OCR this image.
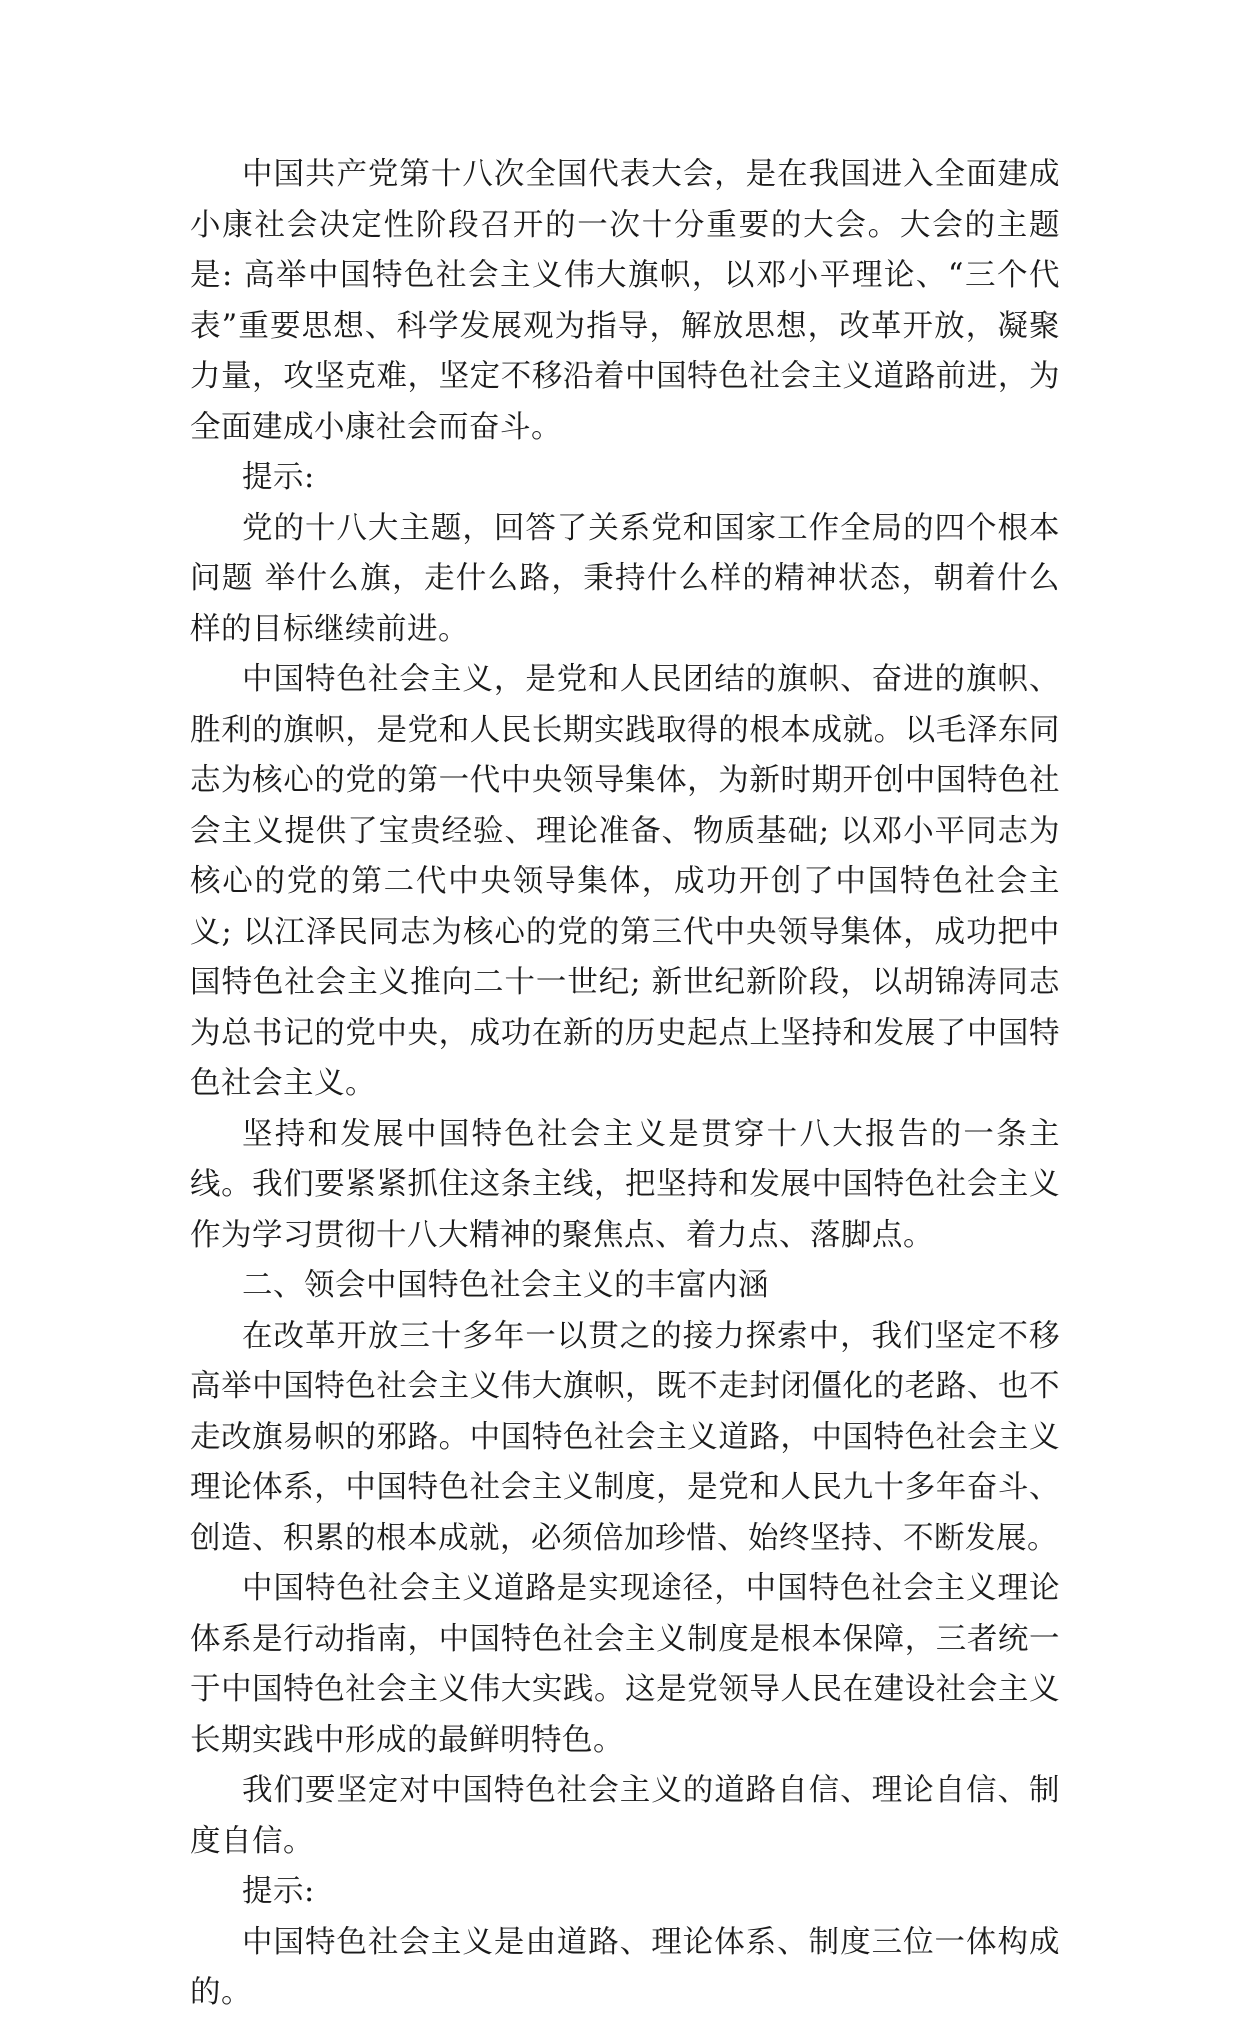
中国共产党第十八次全国代表大会，是在我国进入全面建成小康社会决定性阶段召开的一次十分重要的大会。大会的主题是: 高举中国特色社会主义伟大旗帜，以邓小平理论、“三个代表”重要思想、科学发展观为指导，解放思想，改革开放，凝聚力量，攻坚克难，坚定不移沿着中国特色社会主义道路前进，为全面建成小康社会而奋斗。

提示:

党的十八大主题，回答了关系党和国家工作全局的四个根本问题 举什么旗，走什么路，秉持什么样的精神状态，朝着什么样的目标继续前进。

中国特色社会主义，是党和人民团结的旗帜、奋进的旗帜、胜利的旗帜，是党和人民长期实践取得的根本成就。以毛泽东同志为核心的党的第一代中央领导集体，为新时期开创中国特色社会主义提供了宝贵经验、理论准备、物质基础; 以邓小平同志为核心的党的第二代中央领导集体，成功开创了中国特色社会主义; 以江泽民同志为核心的党的第三代中央领导集体，成功把中国特色社会主义推向二十一世纪; 新世纪新阶段，以胡锦涛同志为总书记的党中央，成功在新的历史起点上坚持和发展了中国特色社会主义。

坚持和发展中国特色社会主义是贯穿十八大报告的一条主线。我们要紧紧抓住这条主线，把坚持和发展中国特色社会主义作为学习贯彻十八大精神的聚焦点、着力点、落脚点。

二、领会中国特色社会主义的丰富内涵

在改革开放三十多年一以贯之的接力探索中，我们坚定不移高举中国特色社会主义伟大旗帜，既不走封闭僵化的老路、也不走改旗易帜的邪路。中国特色社会主义道路，中国特色社会主义理论体系，中国特色社会主义制度，是党和人民九十多年奋斗、创造、积累的根本成就，必须倍加珍惜、始终坚持、不断发展。

中国特色社会主义道路是实现途径，中国特色社会主义理论体系是行动指南，中国特色社会主义制度是根本保障，三者统一于中国特色社会主义伟大实践。这是党领导人民在建设社会主义长期实践中形成的最鲜明特色。

我们要坚定对中国特色社会主义的道路自信、理论自信、制度自信。

提示:

中国特色社会主义是由道路、理论体系、制度三位一体构成的。
